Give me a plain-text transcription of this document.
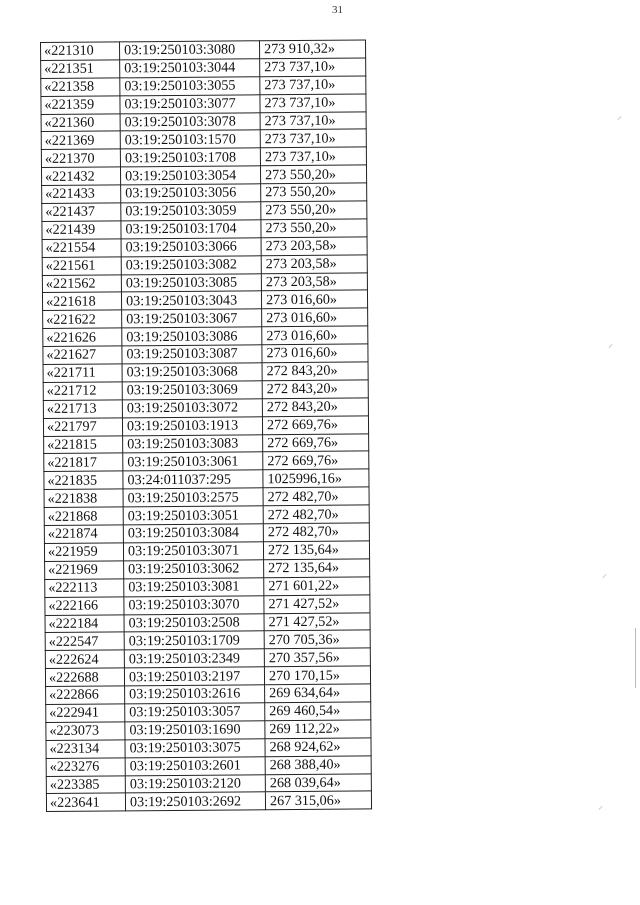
31
«221310	03:19:250103:3080	273 910,32»
«221351	03:19:250103:3044	273 737,10»
«221358	03:19:250103:3055	273 737,10»
«221359	03:19:250103:3077	273 737,10»
«221360	03:19:250103:3078	273 737,10»
«221369	03:19:250103:1570	273 737,10»
«221370	03:19:250103:1708	273 737,10»
«221432	03:19:250103:3054	273 550,20»
«221433	03:19:250103:3056	273 550,20»
«221437	03:19:250103:3059	273 550,20»
«221439	03:19:250103:1704	273 550,20»
«221554	03:19:250103:3066	273 203,58»
«221561	03:19:250103:3082	273 203,58»
«221562	03:19:250103:3085	273 203,58»
«221618	03:19:250103:3043	273 016,60»
«221622	03:19:250103:3067	273 016,60»
«221626	03:19:250103:3086	273 016,60»
«221627	03:19:250103:3087	273 016,60»
«221711	03:19:250103:3068	272 843,20»
«221712	03:19:250103:3069	272 843,20»
«221713	03:19:250103:3072	272 843,20»
«221797	03:19:250103:1913	272 669,76»
«221815	03:19:250103:3083	272 669,76»
«221817	03:19:250103:3061	272 669,76»
«221835	03:24:011037:295	1025996,16»
«221838	03:19:250103:2575	272 482,70»
«221868	03:19:250103:3051	272 482,70»
«221874	03:19:250103:3084	272 482,70»
«221959	03:19:250103:3071	272 135,64»
«221969	03:19:250103:3062	272 135,64»
«222113	03:19:250103:3081	271 601,22»
«222166	03:19:250103:3070	271 427,52»
«222184	03:19:250103:2508	271 427,52»
«222547	03:19:250103:1709	270 705,36»
«222624	03:19:250103:2349	270 357,56»
«222688	03:19:250103:2197	270 170,15»
«222866	03:19:250103:2616	269 634,64»
«222941	03:19:250103:3057	269 460,54»
«223073	03:19:250103:1690	269 112,22»
«223134	03:19:250103:3075	268 924,62»
«223276	03:19:250103:2601	268 388,40»
«223385	03:19:250103:2120	268 039,64»
«223641	03:19:250103:2692	267 315,06»
⸝
⸝
⸝
⸝
